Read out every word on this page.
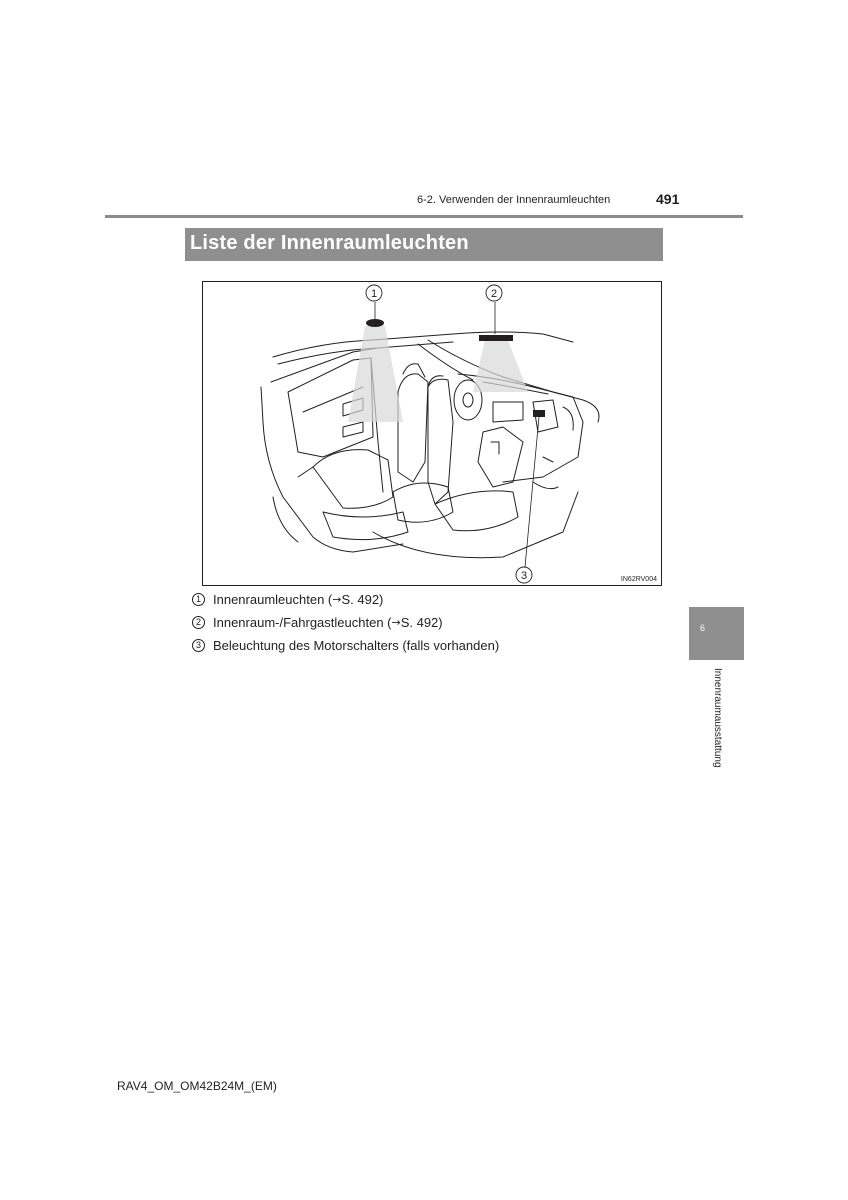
6-2. Verwenden der Innenraumleuchten	491
Liste der Innenraumleuchten
1	2
3	IN62RV004
1 Innenraumleuchten ( → S. 492)
2 Innenraum-/Fahrgastleuchten ( → S. 492)
3 Beleuchtung des Motorschalters (falls vorhanden)
6
Innenraumausstattung
RAV4_OM_OM42B24M_(EM)
